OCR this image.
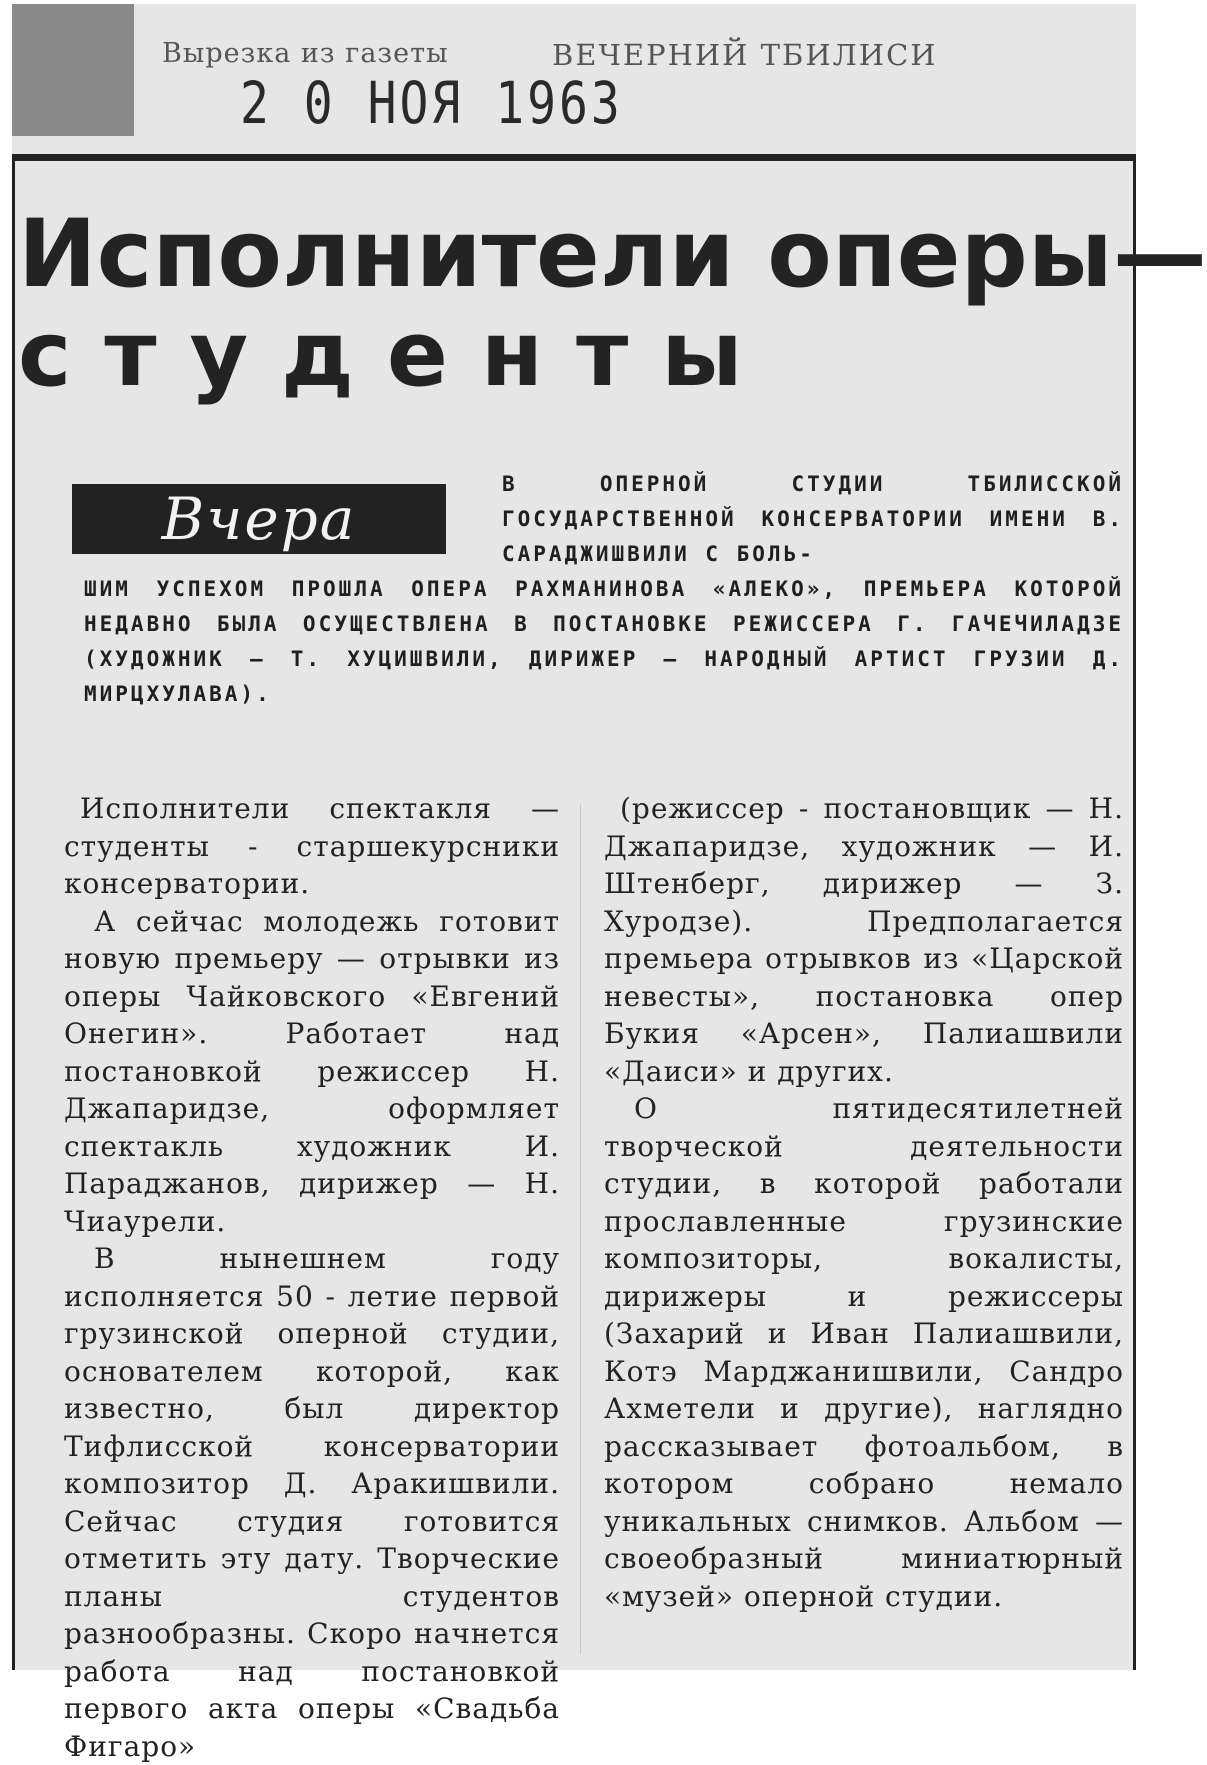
Вырезка из газеты	ВЕЧЕРНИЙ ТБИЛИСИ
2 0 НОЯ 1963
Исполнители оперы—
студенты
Вчера
В ОПЕРНОЙ СТУДИИ ТБИЛИССКОЙ ГОСУДАРСТВЕННОЙ КОНСЕРВАТОРИИ ИМЕНИ В. САРАДЖИШВИЛИ С БОЛЬ-
ШИМ УСПЕХОМ ПРОШЛА ОПЕРА РАХМАНИНОВА «АЛЕКО», ПРЕМЬЕРА КОТОРОЙ НЕДАВНО БЫЛА ОСУЩЕСТВЛЕНА В ПОСТАНОВКЕ РЕЖИССЕРА Г. ГАЧЕЧИЛАДЗЕ (ХУДОЖНИК — Т. ХУЦИШВИЛИ, ДИРИЖЕР — НАРОДНЫЙ АРТИСТ ГРУЗИИ Д. МИРЦХУЛАВА).

Исполнители спектакля — студенты - старшекурсники консерватории.

А сейчас молодежь готовит новую премьеру — отрывки из оперы Чайковского «Евгений Онегин». Работает над постановкой режиссер Н. Джапаридзе, оформляет спектакль художник И. Параджанов, дирижер — Н. Чиаурели.

В нынешнем году исполняется 50 - летие первой грузинской оперной студии, основателем которой, как известно, был директор Тифлисской консерватории композитор Д. Аракишвили. Сейчас студия готовится отметить эту дату. Творческие планы студентов разнообразны. Скоро начнется работа над постановкой первого акта оперы «Свадьба Фигаро»

(режиссер - постановщик — Н. Джапаридзе, художник — И. Штенберг, дирижер — З. Хуродзе). Предполагается премьера отрывков из «Царской невесты», постановка опер Букия «Арсен», Палиашвили «Даиси» и других.

О пятидесятилетней творческой деятельности студии, в которой работали прославленные грузинские композиторы, вокалисты, дирижеры и режиссеры (Захарий и Иван Палиашвили, Котэ Марджанишвили, Сандро Ахметели и другие), наглядно рассказывает фотоальбом, в котором собрано немало уникальных снимков. Альбом — своеобразный миниатюрный «музей» оперной студии.
